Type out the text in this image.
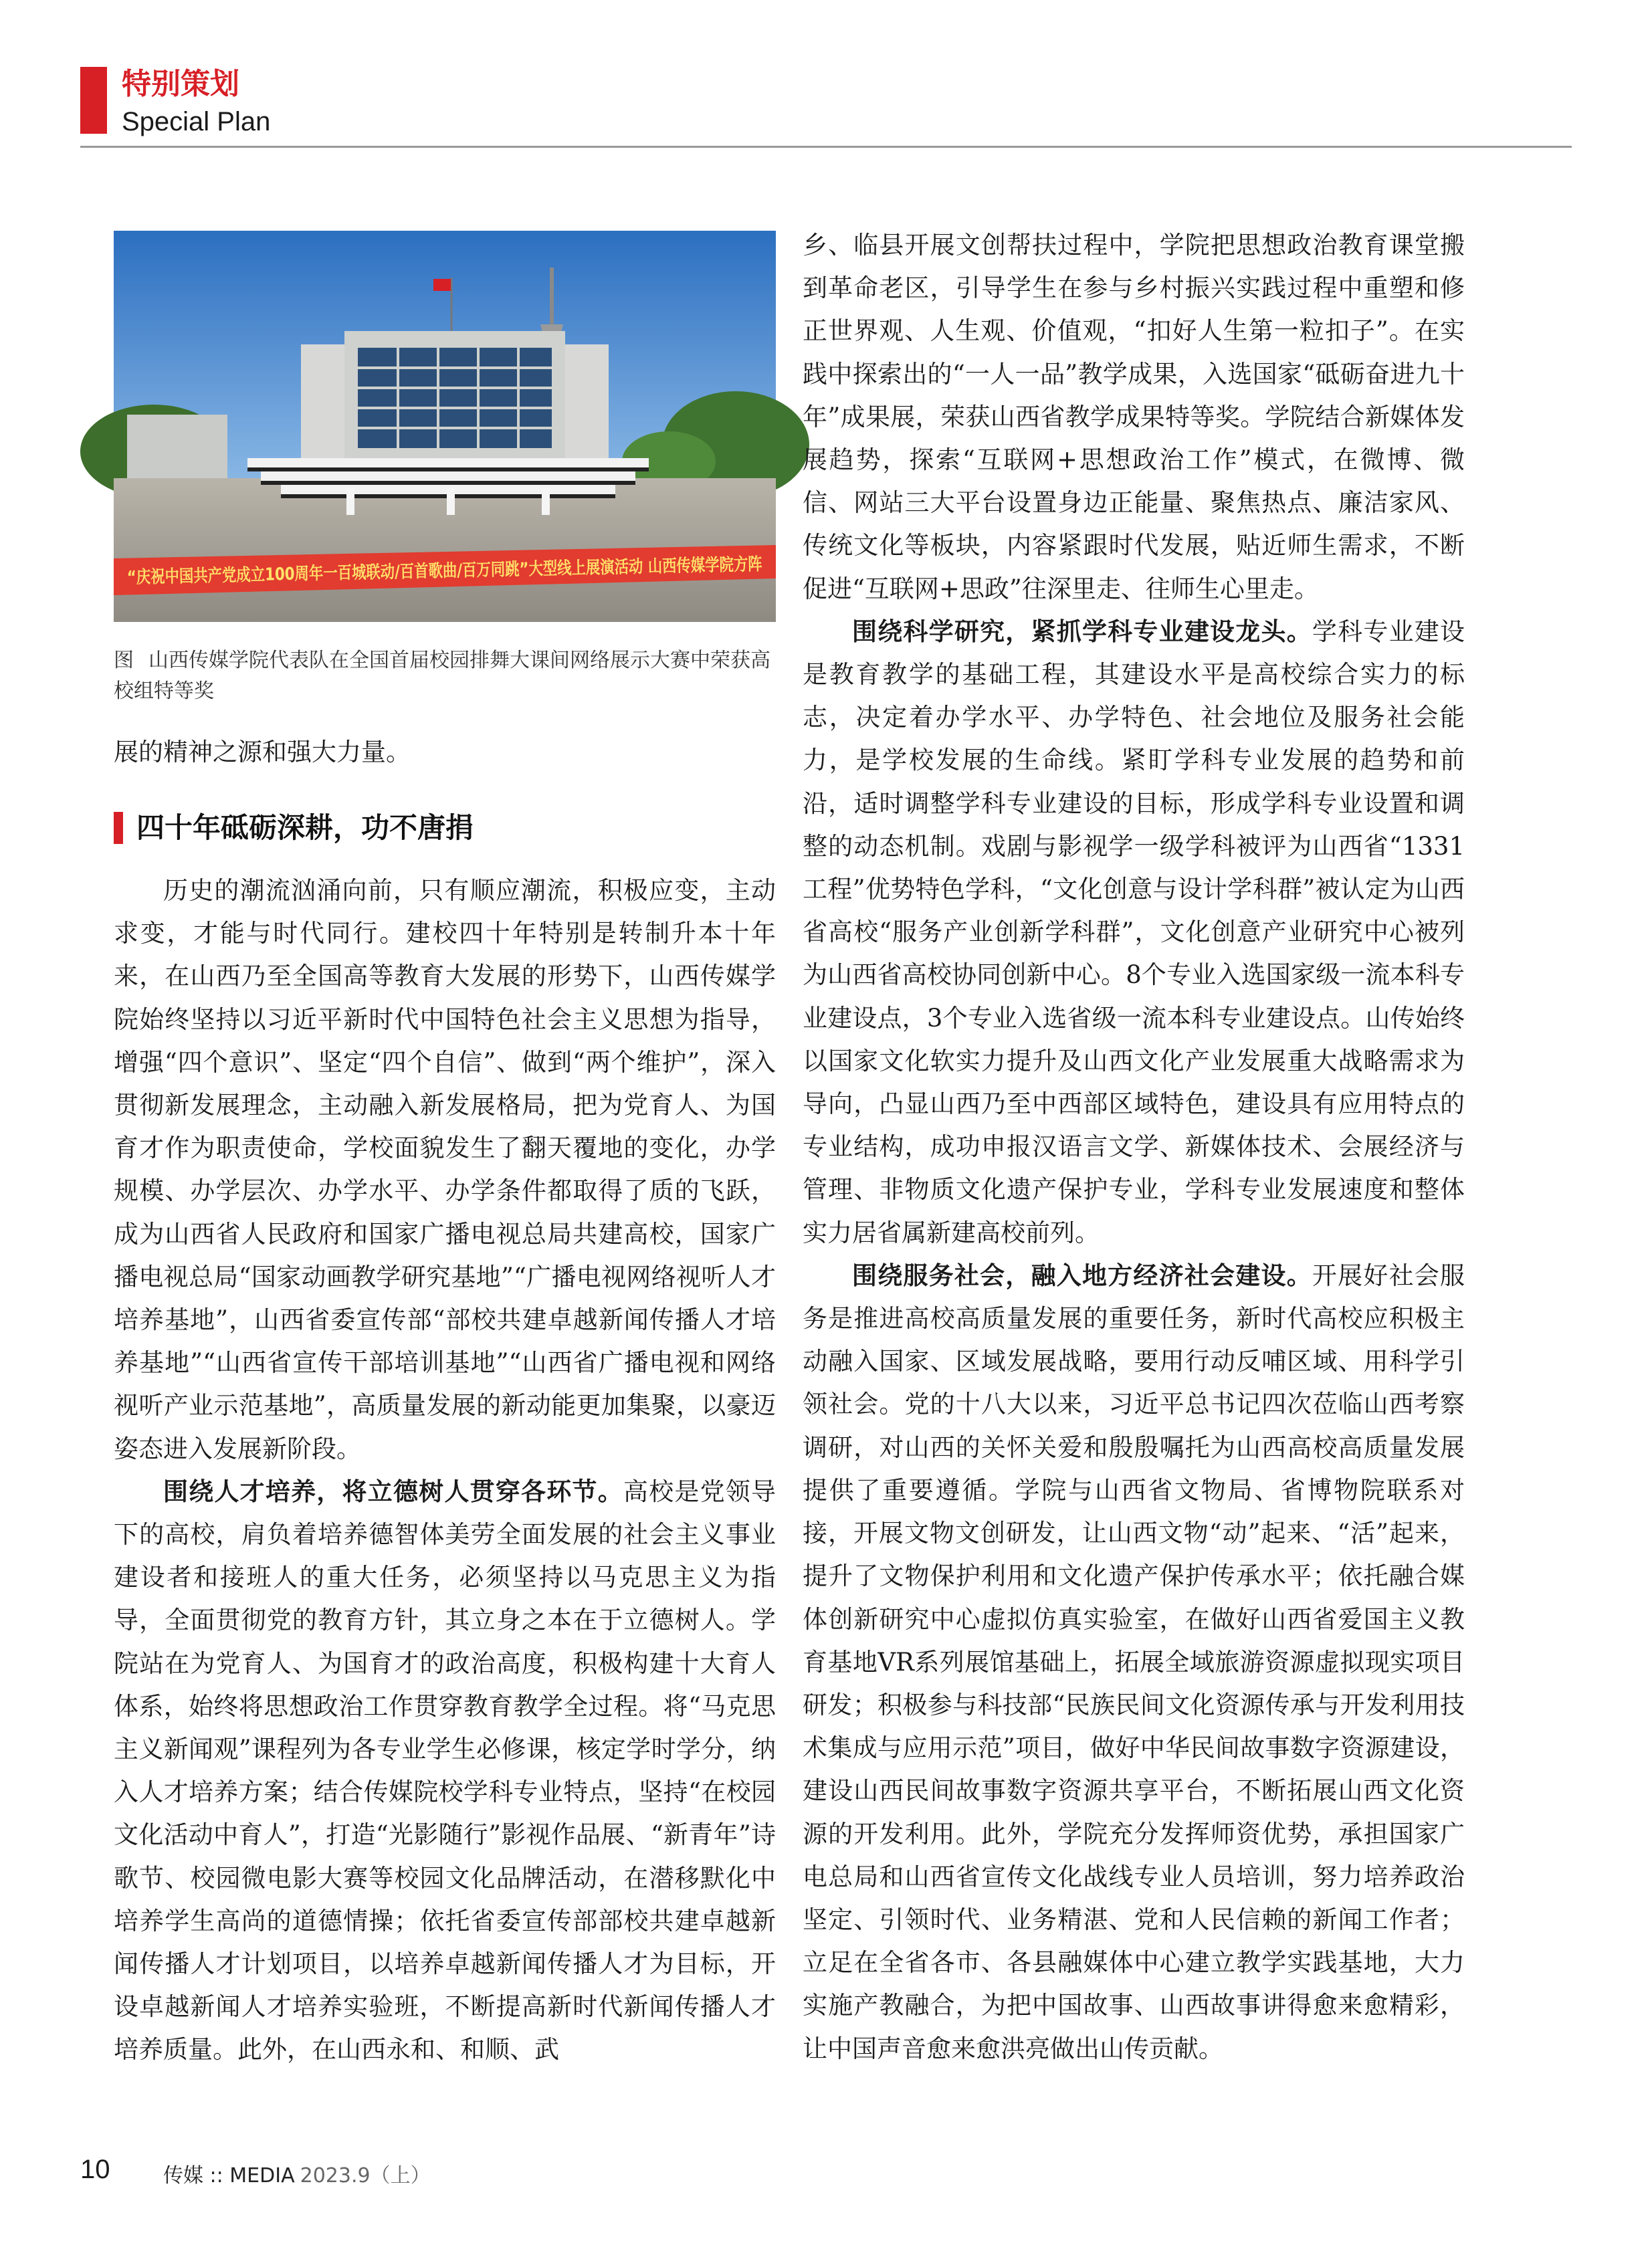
特别策划
Special Plan
“庆祝中国共产党成立100周年一百城联动/百首歌曲/百万同跳”大型线上展演活动 山西传媒学院方阵
图 山西传媒学院代表队在全国首届校园排舞大课间网络展示大赛中荣获高校组特等奖

展的精神之源和强大力量。

四十年砥砺深耕，功不唐捐

历史的潮流汹涌向前，只有顺应潮流，积极应变，主动求变，才能与时代同行。建校四十年特别是转制升本十年来，在山西乃至全国高等教育大发展的形势下，山西传媒学院始终坚持以习近平新时代中国特色社会主义思想为指导，增强“四个意识”、坚定“四个自信”、做到“两个维护”，深入贯彻新发展理念，主动融入新发展格局，把为党育人、为国育才作为职责使命，学校面貌发生了翻天覆地的变化，办学规模、办学层次、办学水平、办学条件都取得了质的飞跃，成为山西省人民政府和国家广播电视总局共建高校，国家广播电视总局“国家动画教学研究基地”“广播电视网络视听人才培养基地”，山西省委宣传部“部校共建卓越新闻传播人才培养基地”“山西省宣传干部培训基地”“山西省广播电视和网络视听产业示范基地”，高质量发展的新动能更加集聚，以豪迈姿态进入发展新阶段。

围绕人才培养，将立德树人贯穿各环节。高校是党领导下的高校，肩负着培养德智体美劳全面发展的社会主义事业建设者和接班人的重大任务，必须坚持以马克思主义为指导，全面贯彻党的教育方针，其立身之本在于立德树人。学院站在为党育人、为国育才的政治高度，积极构建十大育人体系，始终将思想政治工作贯穿教育教学全过程。将“马克思主义新闻观”课程列为各专业学生必修课，核定学时学分，纳入人才培养方案；结合传媒院校学科专业特点，坚持“在校园文化活动中育人”，打造“光影随行”影视作品展、“新青年”诗歌节、校园微电影大赛等校园文化品牌活动，在潜移默化中培养学生高尚的道德情操；依托省委宣传部部校共建卓越新闻传播人才计划项目，以培养卓越新闻传播人才为目标，开设卓越新闻人才培养实验班，不断提高新时代新闻传播人才培养质量。此外，在山西永和、和顺、武

乡、临县开展文创帮扶过程中，学院把思想政治教育课堂搬到革命老区，引导学生在参与乡村振兴实践过程中重塑和修正世界观、人生观、价值观，“扣好人生第一粒扣子”。在实践中探索出的“一人一品”教学成果，入选国家“砥砺奋进九十年”成果展，荣获山西省教学成果特等奖。学院结合新媒体发展趋势，探索“互联网+思想政治工作”模式，在微博、微信、网站三大平台设置身边正能量、聚焦热点、廉洁家风、传统文化等板块，内容紧跟时代发展，贴近师生需求，不断促进“互联网+思政”往深里走、往师生心里走。

围绕科学研究，紧抓学科专业建设龙头。学科专业建设是教育教学的基础工程，其建设水平是高校综合实力的标志，决定着办学水平、办学特色、社会地位及服务社会能力，是学校发展的生命线。紧盯学科专业发展的趋势和前沿，适时调整学科专业建设的目标，形成学科专业设置和调整的动态机制。戏剧与影视学一级学科被评为山西省“1331工程”优势特色学科，“文化创意与设计学科群”被认定为山西省高校“服务产业创新学科群”，文化创意产业研究中心被列为山西省高校协同创新中心。8个专业入选国家级一流本科专业建设点，3个专业入选省级一流本科专业建设点。山传始终以国家文化软实力提升及山西文化产业发展重大战略需求为导向，凸显山西乃至中西部区域特色，建设具有应用特点的专业结构，成功申报汉语言文学、新媒体技术、会展经济与管理、非物质文化遗产保护专业，学科专业发展速度和整体实力居省属新建高校前列。

围绕服务社会，融入地方经济社会建设。开展好社会服务是推进高校高质量发展的重要任务，新时代高校应积极主动融入国家、区域发展战略，要用行动反哺区域、用科学引领社会。党的十八大以来，习近平总书记四次莅临山西考察调研，对山西的关怀关爱和殷殷嘱托为山西高校高质量发展提供了重要遵循。学院与山西省文物局、省博物院联系对接，开展文物文创研发，让山西文物“动”起来、“活”起来，提升了文物保护利用和文化遗产保护传承水平；依托融合媒体创新研究中心虚拟仿真实验室，在做好山西省爱国主义教育基地VR系列展馆基础上，拓展全域旅游资源虚拟现实项目研发；积极参与科技部“民族民间文化资源传承与开发利用技术集成与应用示范”项目，做好中华民间故事数字资源建设，建设山西民间故事数字资源共享平台，不断拓展山西文化资源的开发利用。此外，学院充分发挥师资优势，承担国家广电总局和山西省宣传文化战线专业人员培训，努力培养政治坚定、引领时代、业务精湛、党和人民信赖的新闻工作者；立足在全省各市、各县融媒体中心建立教学实践基地，大力实施产教融合，为把中国故事、山西故事讲得愈来愈精彩，让中国声音愈来愈洪亮做出山传贡献。

10	传媒 :: MEDIA 2023.9（上）
